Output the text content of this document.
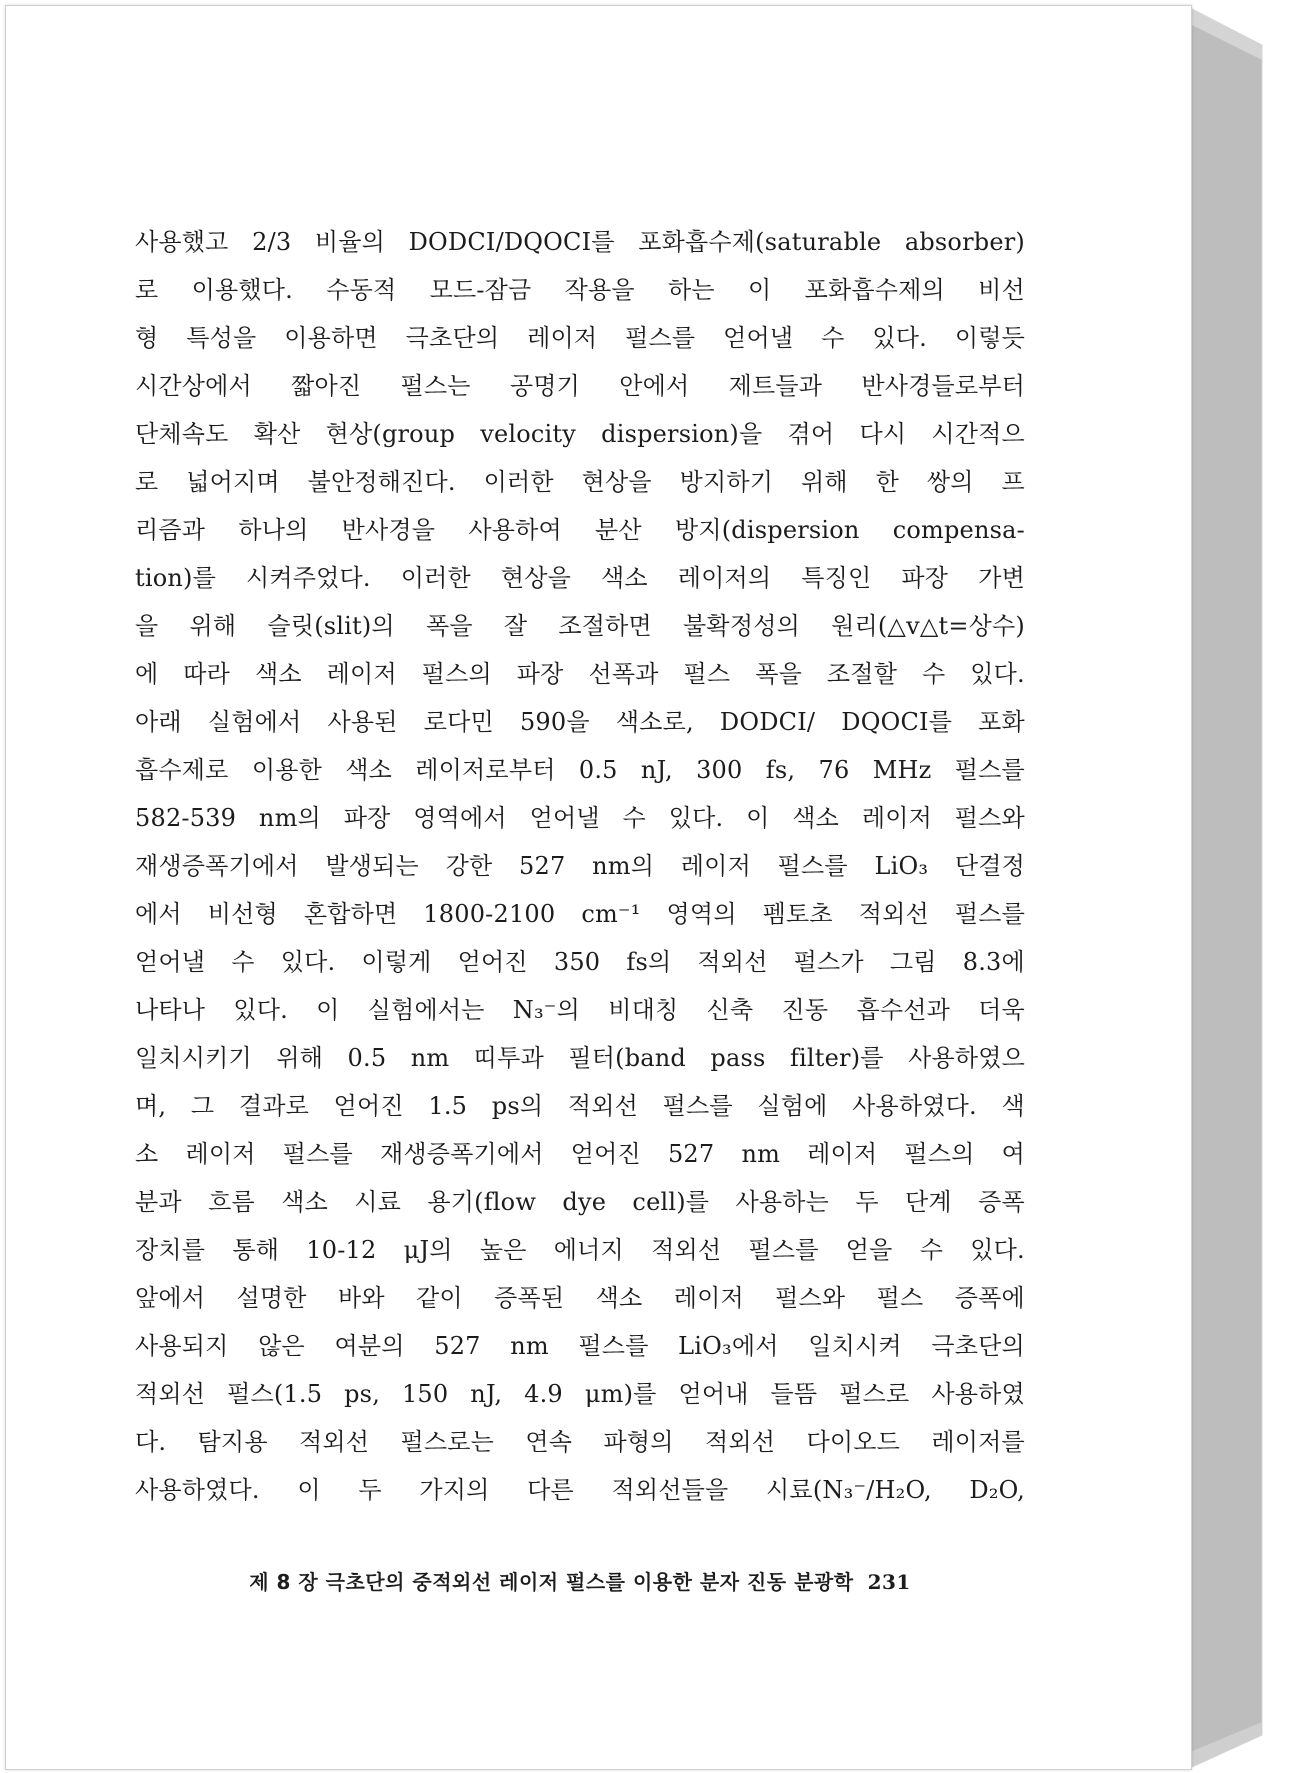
사용했고 2/3 비율의 DODCI/DQOCI를 포화흡수제(saturable absorber)
로 이용했다. 수동적 모드-잠금 작용을 하는 이 포화흡수제의 비선
형 특성을 이용하면 극초단의 레이저 펄스를 얻어낼 수 있다. 이렇듯
시간상에서 짧아진 펄스는 공명기 안에서 제트들과 반사경들로부터
단체속도 확산 현상(group velocity dispersion)을 겪어 다시 시간적으
로 넓어지며 불안정해진다. 이러한 현상을 방지하기 위해 한 쌍의 프
리즘과 하나의 반사경을 사용하여 분산 방지(dispersion compensa-
tion)를 시켜주었다. 이러한 현상을 색소 레이저의 특징인 파장 가변
을 위해 슬릿(slit)의 폭을 잘 조절하면 불확정성의 원리(△v△t=상수)
에 따라 색소 레이저 펄스의 파장 선폭과 펄스 폭을 조절할 수 있다.
아래 실험에서 사용된 로다민 590을 색소로, DODCI/ DQOCI를 포화
흡수제로 이용한 색소 레이저로부터 0.5 nJ, 300 fs, 76 MHz 펄스를
582-539 nm의 파장 영역에서 얻어낼 수 있다. 이 색소 레이저 펄스와
재생증폭기에서 발생되는 강한 527 nm의 레이저 펄스를 LiO₃ 단결정
에서 비선형 혼합하면 1800-2100 cm⁻¹ 영역의 펨토초 적외선 펄스를
얻어낼 수 있다. 이렇게 얻어진 350 fs의 적외선 펄스가 그림 8.3에
나타나 있다. 이 실험에서는 N₃⁻의 비대칭 신축 진동 흡수선과 더욱
일치시키기 위해 0.5 nm 띠투과 필터(band pass filter)를 사용하였으
며, 그 결과로 얻어진 1.5 ps의 적외선 펄스를 실험에 사용하였다. 색
소 레이저 펄스를 재생증폭기에서 얻어진 527 nm 레이저 펄스의 여
분과 흐름 색소 시료 용기(flow dye cell)를 사용하는 두 단계 증폭
장치를 통해 10-12 μJ의 높은 에너지 적외선 펄스를 얻을 수 있다.
앞에서 설명한 바와 같이 증폭된 색소 레이저 펄스와 펄스 증폭에
사용되지 않은 여분의 527 nm 펄스를 LiO₃에서 일치시켜 극초단의
적외선 펄스(1.5 ps, 150 nJ, 4.9 μm)를 얻어내 들뜸 펄스로 사용하였
다. 탐지용 적외선 펄스로는 연속 파형의 적외선 다이오드 레이저를
사용하였다. 이 두 가지의 다른 적외선들을 시료(N₃⁻/H₂O, D₂O,
제 8 장 극초단의 중적외선 레이저 펄스를 이용한 분자 진동 분광학 231
